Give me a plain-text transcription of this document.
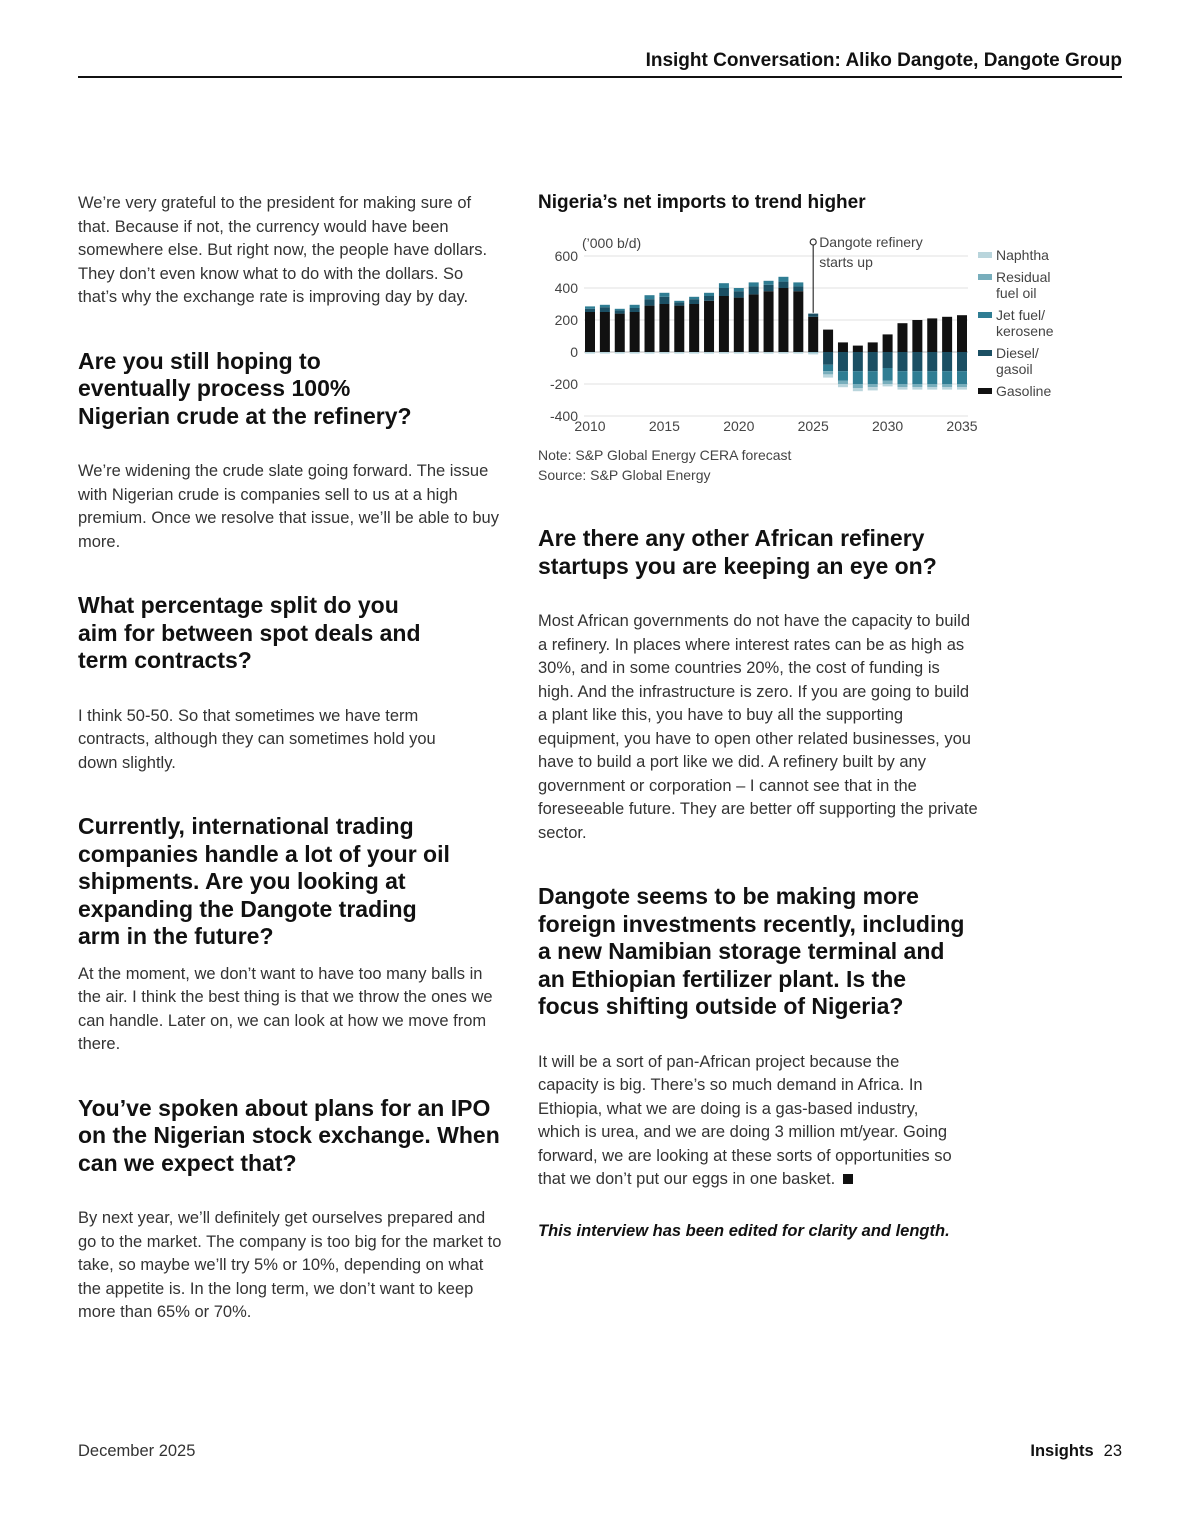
Insight Conversation: Aliko Dangote, Dangote Group

We’re very grateful to the president for making sure of that. Because if not, the currency would have been somewhere else. But right now, the people have dollars. They don’t even know what to do with the dollars. So that’s why the exchange rate is improving day by day.

Are you still hoping to eventually process 100% Nigerian crude at the refinery?

We’re widening the crude slate going forward. The issue with Nigerian crude is companies sell to us at a high premium. Once we resolve that issue, we’ll be able to buy more.

What percentage split do you aim for between spot deals and term contracts?

I think 50-50. So that sometimes we have term contracts, although they can sometimes hold you down slightly.

Currently, international trading companies handle a lot of your oil shipments. Are you looking at expanding the Dangote trading arm in the future?

At the moment, we don’t want to have too many balls in the air. I think the best thing is that we throw the ones we can handle. Later on, we can look at how we move from there.

You’ve spoken about plans for an IPO on the Nigerian stock exchange. When can we expect that?

By next year, we’ll definitely get ourselves prepared and go to the market. The company is too big for the market to take, so maybe we’ll try 5% or 10%, depending on what the appetite is. In the long term, we don’t want to keep more than 65% or 70%.

Nigeria’s net imports to trend higher

600
400
200
0
-200
-400
(’000 b/d)
2010	2015	2020	2025	2030	2035
Dangote refinery
starts up	Naphtha
Residual
fuel oil
Jet fuel/
kerosene
Diesel/
gasoil
Gasoline

Note: S&P Global Energy CERA forecast

Source: S&P Global Energy

Are there any other African refinery startups you are keeping an eye on?

Most African governments do not have the capacity to build a refinery. In places where interest rates can be as high as 30%, and in some countries 20%, the cost of funding is high. And the infrastructure is zero. If you are going to build a plant like this, you have to buy all the supporting equipment, you have to open other related businesses, you have to build a port like we did. A refinery built by any government or corporation – I cannot see that in the foreseeable future. They are better off supporting the private sector.

Dangote seems to be making more foreign investments recently, including a new Namibian storage terminal and an Ethiopian fertilizer plant. Is the focus shifting outside of Nigeria?

It will be a sort of pan-African project because the capacity is big. There’s so much demand in Africa. In Ethiopia, what we are doing is a gas-based industry, which is urea, and we are doing 3 million mt/year. Going forward, we are looking at these sorts of opportunities so that we don’t put our eggs in one basket.

This interview has been edited for clarity and length.

December 2025	Insights 23
